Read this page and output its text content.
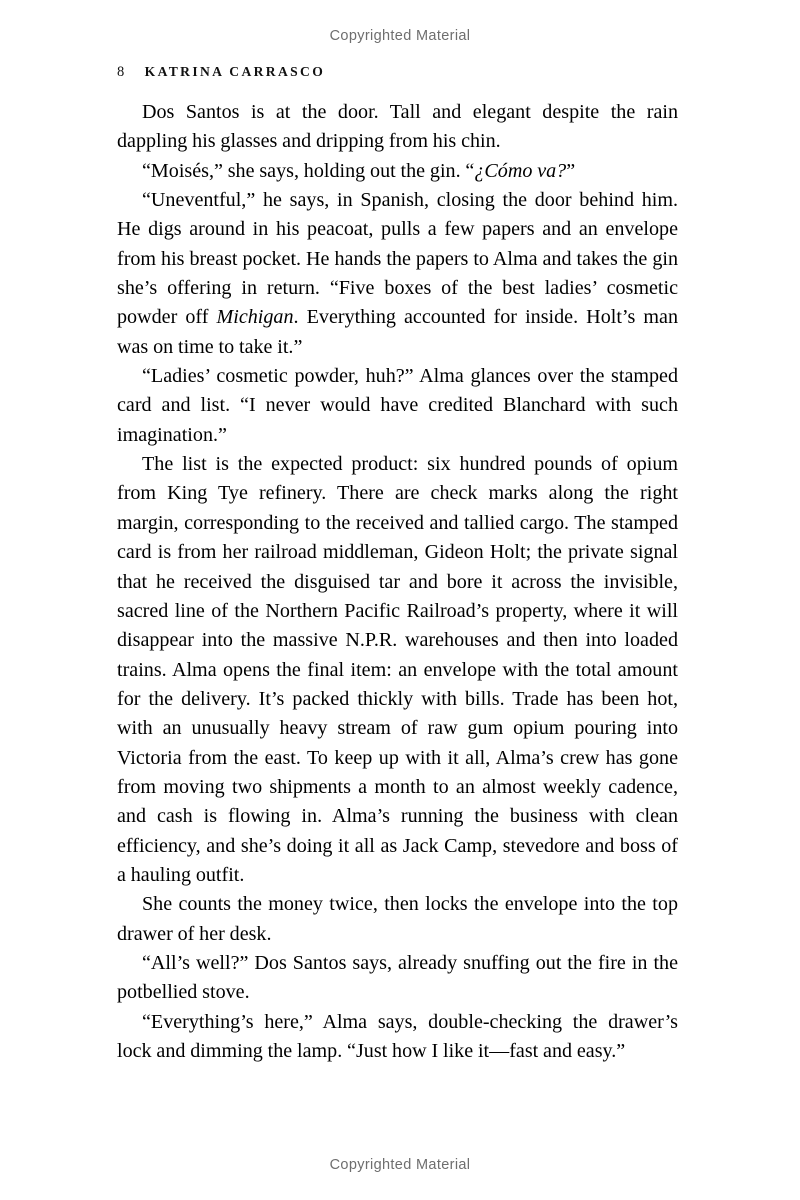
Copyrighted Material
8 KATRINA CARRASCO

Dos Santos is at the door. Tall and elegant despite the rain dappling his glasses and dripping from his chin.

“Moisés,” she says, holding out the gin. “¿Cómo va?”

“Uneventful,” he says, in Spanish, closing the door behind him. He digs around in his peacoat, pulls a few papers and an envelope from his breast pocket. He hands the papers to Alma and takes the gin she’s offering in return. “Five boxes of the best ladies’ cosmetic powder off Michigan. Everything accounted for inside. Holt’s man was on time to take it.”

“Ladies’ cosmetic powder, huh?” Alma glances over the stamped card and list. “I never would have credited Blanchard with such imagination.”

The list is the expected product: six hundred pounds of opium from King Tye refinery. There are check marks along the right margin, corresponding to the received and tallied cargo. The stamped card is from her railroad middleman, Gideon Holt; the private signal that he received the disguised tar and bore it across the invisible, sacred line of the Northern Pacific Railroad’s property, where it will disappear into the massive N.P.R. warehouses and then into loaded trains. Alma opens the final item: an envelope with the total amount for the delivery. It’s packed thickly with bills. Trade has been hot, with an unusually heavy stream of raw gum opium pouring into Victoria from the east. To keep up with it all, Alma’s crew has gone from moving two shipments a month to an almost weekly cadence, and cash is flowing in. Alma’s running the business with clean efficiency, and she’s doing it all as Jack Camp, stevedore and boss of a hauling outfit.

She counts the money twice, then locks the envelope into the top drawer of her desk.

“All’s well?” Dos Santos says, already snuffing out the fire in the potbellied stove.

“Everything’s here,” Alma says, double-checking the drawer’s lock and dimming the lamp. “Just how I like it—fast and easy.”

Copyrighted Material
